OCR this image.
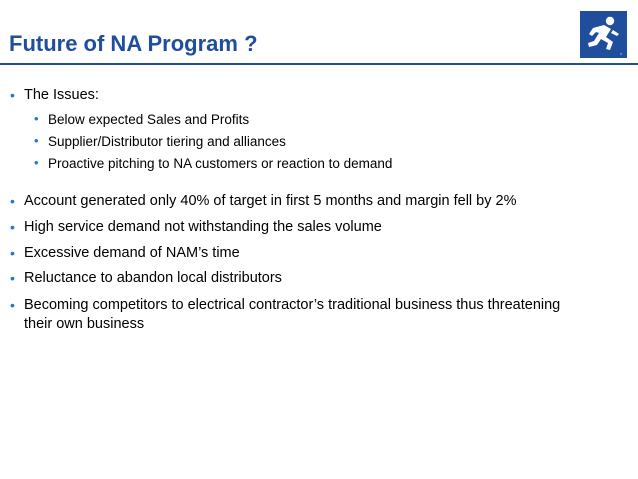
Future of NA Program ?	>
• The Issues:
• Below expected Sales and Profits
• Supplier/Distributor tiering and alliances
• Proactive pitching to NA customers or reaction to demand
• Account generated only 40% of target in first 5 months and margin fell by 2%
• High service demand not withstanding the sales volume
• Excessive demand of NAM’s time
• Reluctance to abandon local distributors
• Becoming competitors to electrical contractor’s traditional business thus threatening
their own business
